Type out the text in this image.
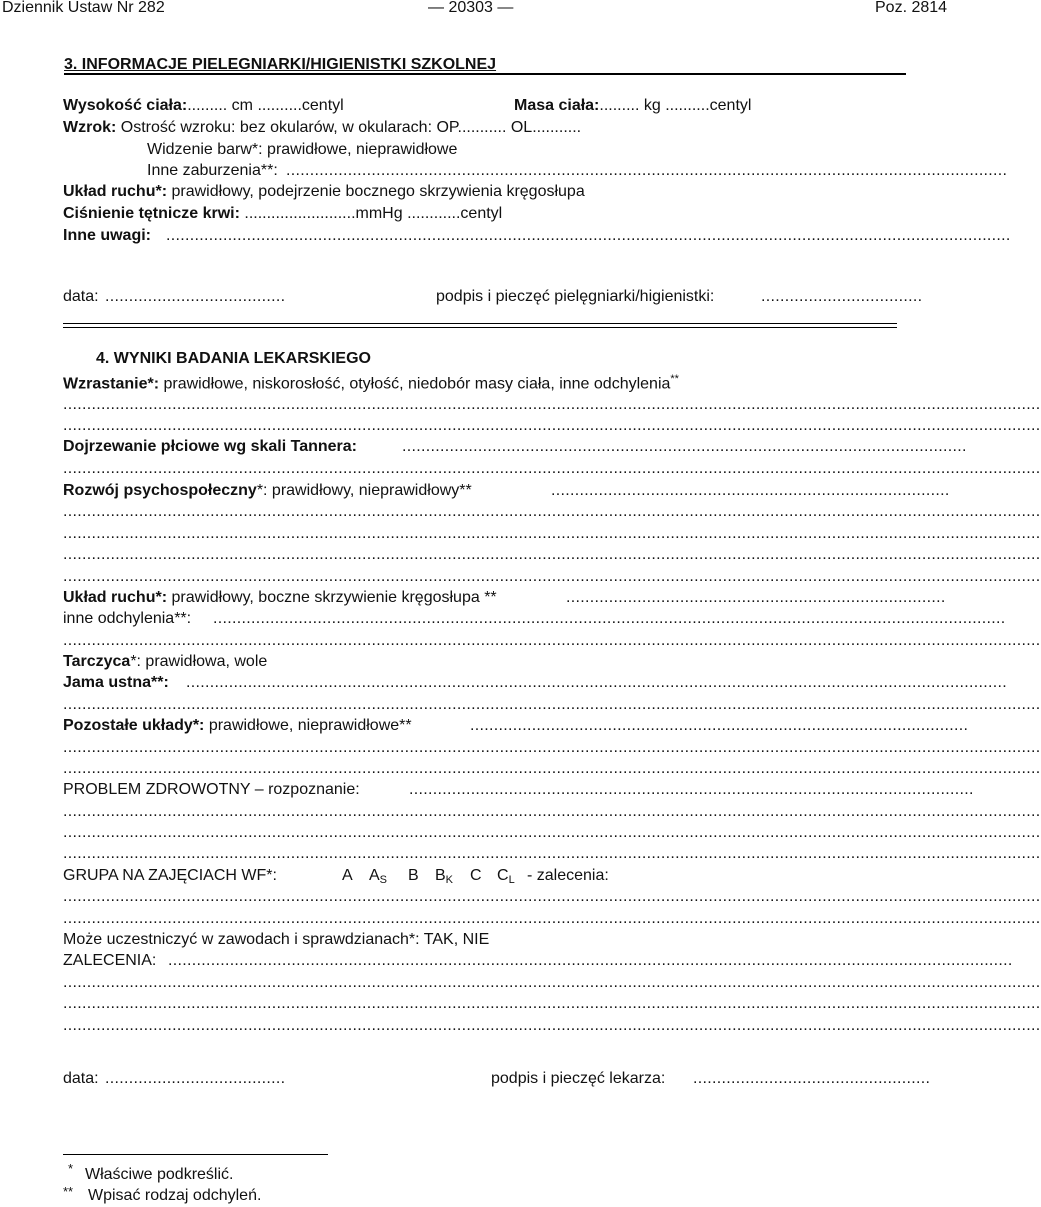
Dziennik Ustaw Nr 282	— 20303 —	Poz. 2814
3. INFORMACJE PIELEGNIARKI/HIGIENISTKI SZKOLNEJ
Wysokość ciała:......... cm ..........centyl	Masa ciała:......... kg ..........centyl
Wzrok: Ostrość wzroku: bez okularów, w okularach: OP........... OL...........
Widzenie barw*: prawidłowe, nieprawidłowe
Inne zaburzenia**: ........................................................................................................................................................
Układ ruchu*: prawidłowy, podejrzenie bocznego skrzywienia kręgosłupa
Ciśnienie tętnicze krwi: .........................mmHg ............centyl
Inne uwagi: ..................................................................................................................................................................................
data: ......................................	podpis i pieczęć pielęgniarki/higienistki:	..................................
4. WYNIKI BADANIA LEKARSKIEGO
Wzrastanie*: prawidłowe, niskorosłość, otyłość, niedobór masy ciała, inne odchylenia**
..............................................................................................................................................................................................................
..............................................................................................................................................................................................................
Dojrzewanie płciowe wg skali Tannera:	.......................................................................................................................
..............................................................................................................................................................................................................
Rozwój psychospołeczny*: prawidłowy, nieprawidłowy**	....................................................................................
..............................................................................................................................................................................................................
..............................................................................................................................................................................................................
..............................................................................................................................................................................................................
..............................................................................................................................................................................................................
Układ ruchu*: prawidłowy, boczne skrzywienie kręgosłupa **	................................................................................
inne odchylenia**: .......................................................................................................................................................................
..............................................................................................................................................................................................................
Tarczyca*: prawidłowa, wole
Jama ustna**: .............................................................................................................................................................................
..............................................................................................................................................................................................................
Pozostałe układy*: prawidłowe, nieprawidłowe**	.........................................................................................................
..............................................................................................................................................................................................................
..............................................................................................................................................................................................................
PROBLEM ZDROWOTNY – rozpoznanie:	.......................................................................................................................
..............................................................................................................................................................................................................
..............................................................................................................................................................................................................
..............................................................................................................................................................................................................
GRUPA NA ZAJĘCIACH WF*:	A $A_S$ B $B_K$ C $C_L$ - zalecenia:
..............................................................................................................................................................................................................
..............................................................................................................................................................................................................
Może uczestniczyć w zawodach i sprawdzianach*: TAK, NIE
ZALECENIA: ..................................................................................................................................................................................
..............................................................................................................................................................................................................
..............................................................................................................................................................................................................
..............................................................................................................................................................................................................
data: ......................................	podpis i pieczęć lekarza: ..................................................
* Właściwe podkreślić.
** Wpisać rodzaj odchyleń.
